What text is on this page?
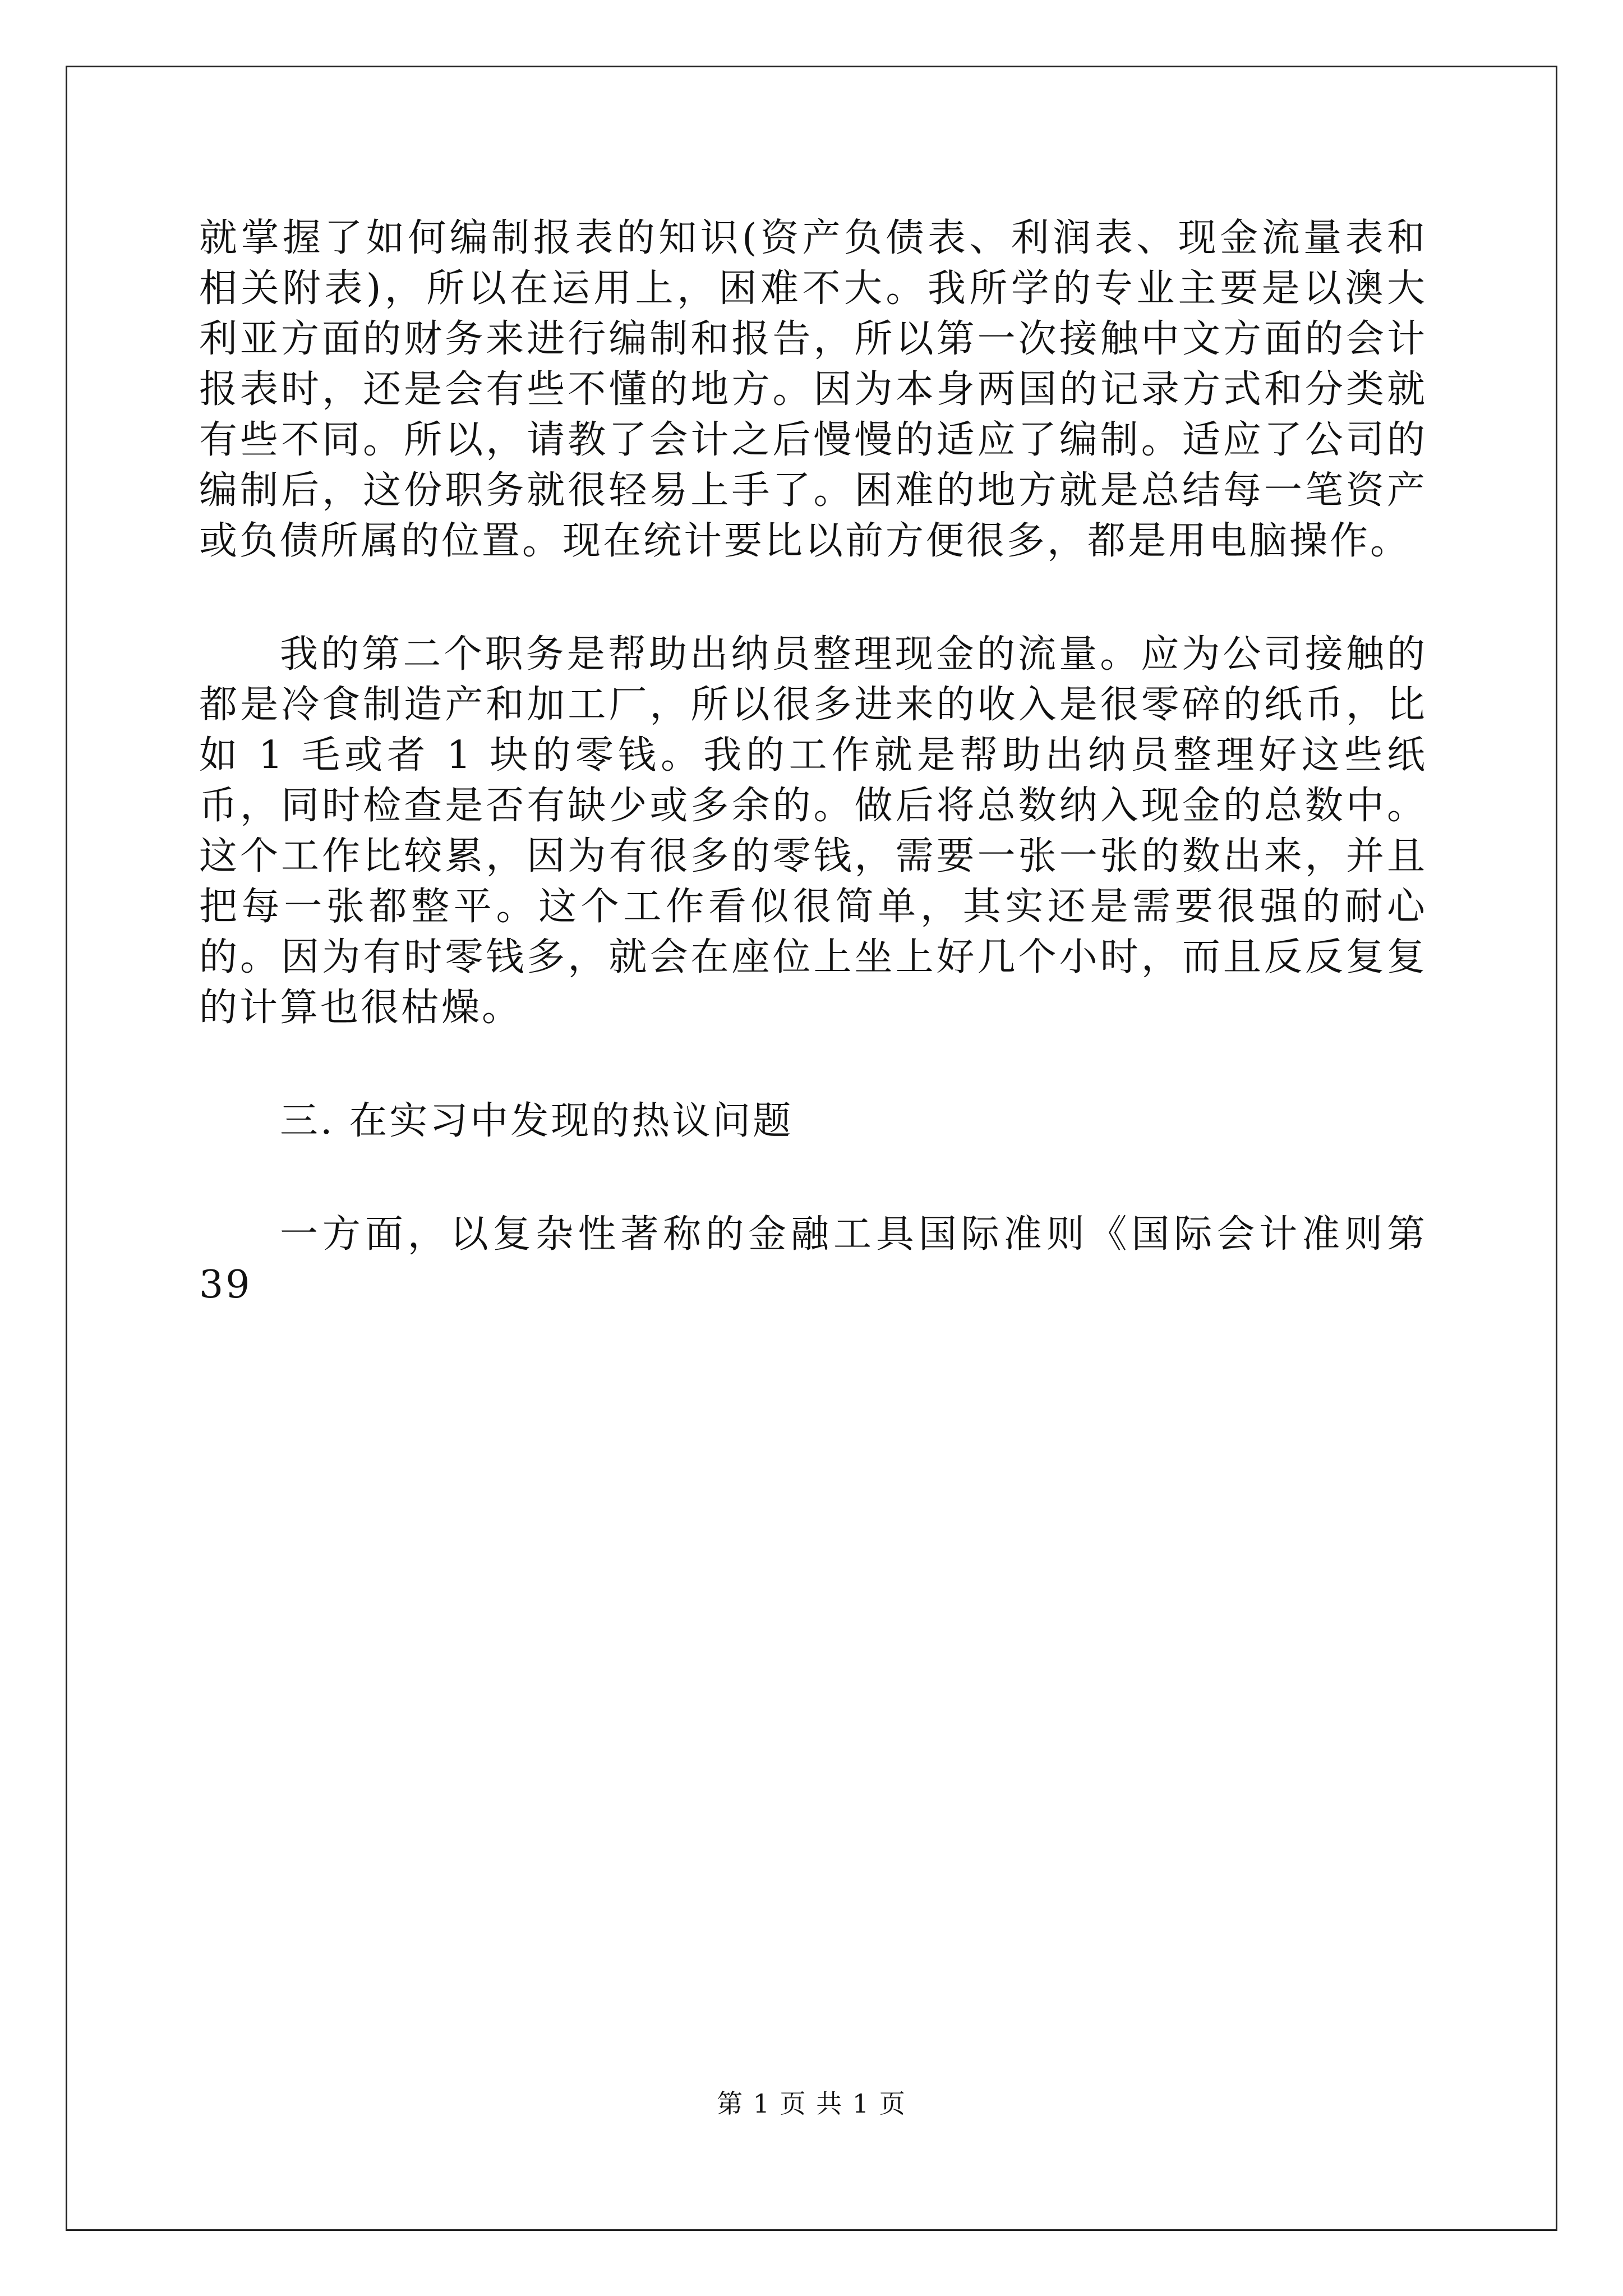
就掌握了如何编制报表的知识(资产负债表、利润表、现金流量表和相关附表)，所以在运用上，困难不大。我所学的专业主要是以澳大利亚方面的财务来进行编制和报告，所以第一次接触中文方面的会计报表时，还是会有些不懂的地方。因为本身两国的记录方式和分类就有些不同。所以，请教了会计之后慢慢的适应了编制。适应了公司的编制后，这份职务就很轻易上手了。困难的地方就是总结每一笔资产或负债所属的位置。现在统计要比以前方便很多，都是用电脑操作。

我的第二个职务是帮助出纳员整理现金的流量。应为公司接触的都是冷食制造产和加工厂，所以很多进来的收入是很零碎的纸币，比如 1 毛或者 1 块的零钱。我的工作就是帮助出纳员整理好这些纸币，同时检查是否有缺少或多余的。做后将总数纳入现金的总数中。这个工作比较累，因为有很多的零钱，需要一张一张的数出来，并且把每一张都整平。这个工作看似很简单，其实还是需要很强的耐心的。因为有时零钱多，就会在座位上坐上好几个小时，而且反反复复的计算也很枯燥。

三. 在实习中发现的热议问题

一方面，以复杂性著称的金融工具国际准则《国际会计准则第 39

第 1 页 共 1 页
